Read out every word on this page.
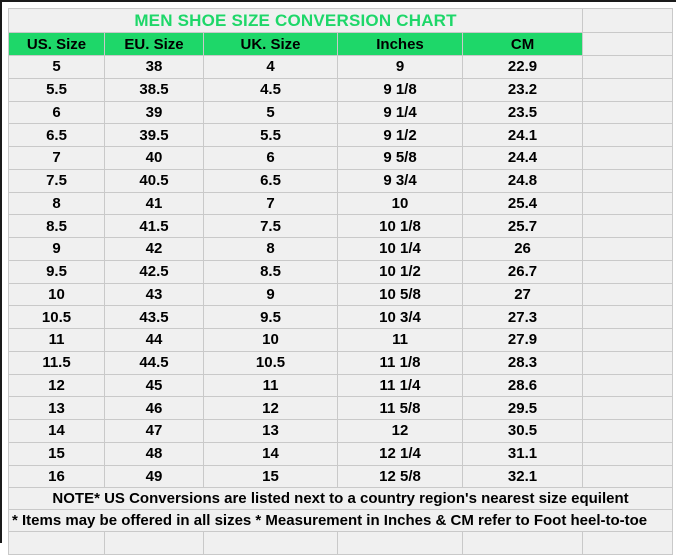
MEN SHOE SIZE CONVERSION CHART					
US. Size	EU. Size	UK. Size	Inches	CM	
5	38	4	9	22.9	
5.5	38.5	4.5	9 1/8	23.2	
6	39	5	9 1/4	23.5	
6.5	39.5	5.5	9 1/2	24.1	
7	40	6	9 5/8	24.4	
7.5	40.5	6.5	9 3/4	24.8	
8	41	7	10	25.4	
8.5	41.5	7.5	10 1/8	25.7	
9	42	8	10 1/4	26	
9.5	42.5	8.5	10 1/2	26.7	
10	43	9	10 5/8	27	
10.5	43.5	9.5	10 3/4	27.3	
11	44	10	11	27.9	
11.5	44.5	10.5	11 1/8	28.3	
12	45	11	11 1/4	28.6	
13	46	12	11 5/8	29.5	
14	47	13	12	30.5	
15	48	14	12 1/4	31.1	
16	49	15	12 5/8	32.1	
NOTE* US Conversions are listed next to a country region's nearest size equilent					
* Items may be offered in all sizes * Measurement in Inches & CM refer to Foot heel-to-toe					
